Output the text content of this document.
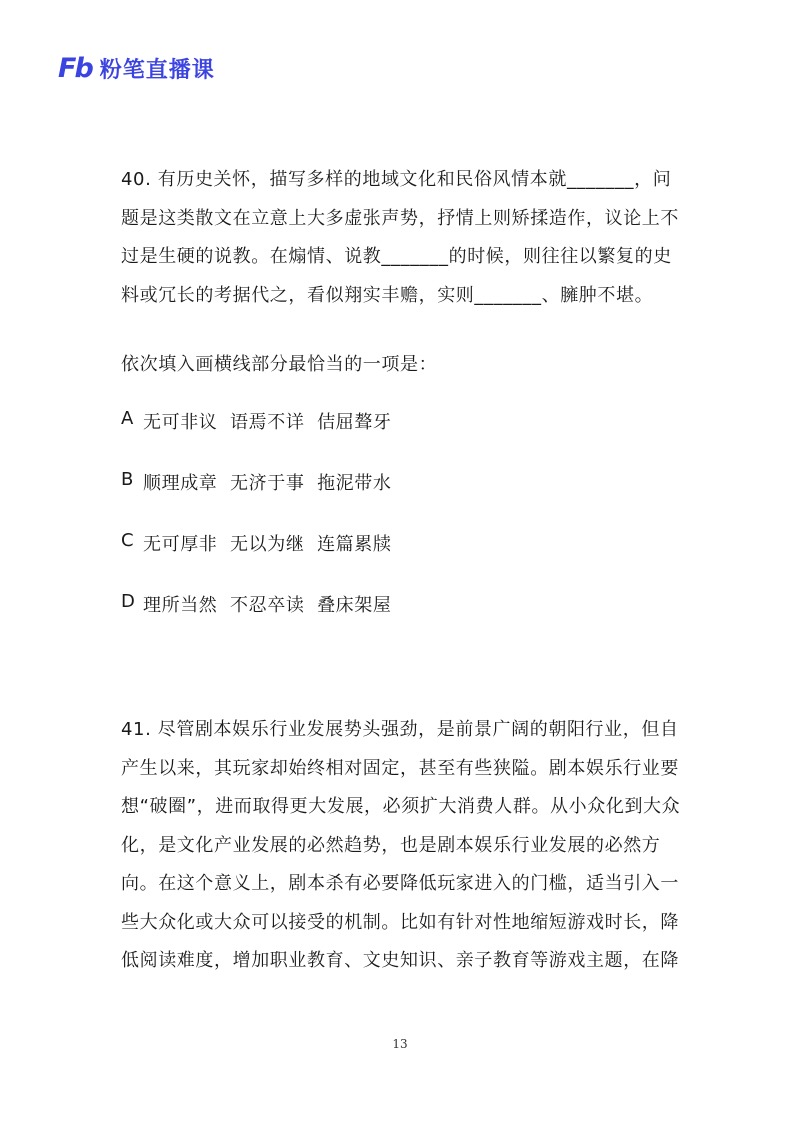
Fb 粉笔直播课

40. 有历史关怀，描写多样的地域文化和民俗风情本就_______，问题是这类散文在立意上大多虚张声势，抒情上则矫揉造作，议论上不过是生硬的说教。在煽情、说教_______的时候，则往往以繁复的史料或冗长的考据代之，看似翔实丰赡，实则_______、臃肿不堪。

依次填入画横线部分最恰当的一项是：

A 无可非议  语焉不详  佶屈聱牙
B 顺理成章  无济于事  拖泥带水
C 无可厚非  无以为继  连篇累牍
D 理所当然  不忍卒读  叠床架屋

41. 尽管剧本娱乐行业发展势头强劲，是前景广阔的朝阳行业，但自产生以来，其玩家却始终相对固定，甚至有些狭隘。剧本娱乐行业要想“破圈”，进而取得更大发展，必须扩大消费人群。从小众化到大众化，是文化产业发展的必然趋势，也是剧本娱乐行业发展的必然方向。在这个意义上，剧本杀有必要降低玩家进入的门槛，适当引入一些大众化或大众可以接受的机制。比如有针对性地缩短游戏时长，降低阅读难度，增加职业教育、文史知识、亲子教育等游戏主题，在降

13
